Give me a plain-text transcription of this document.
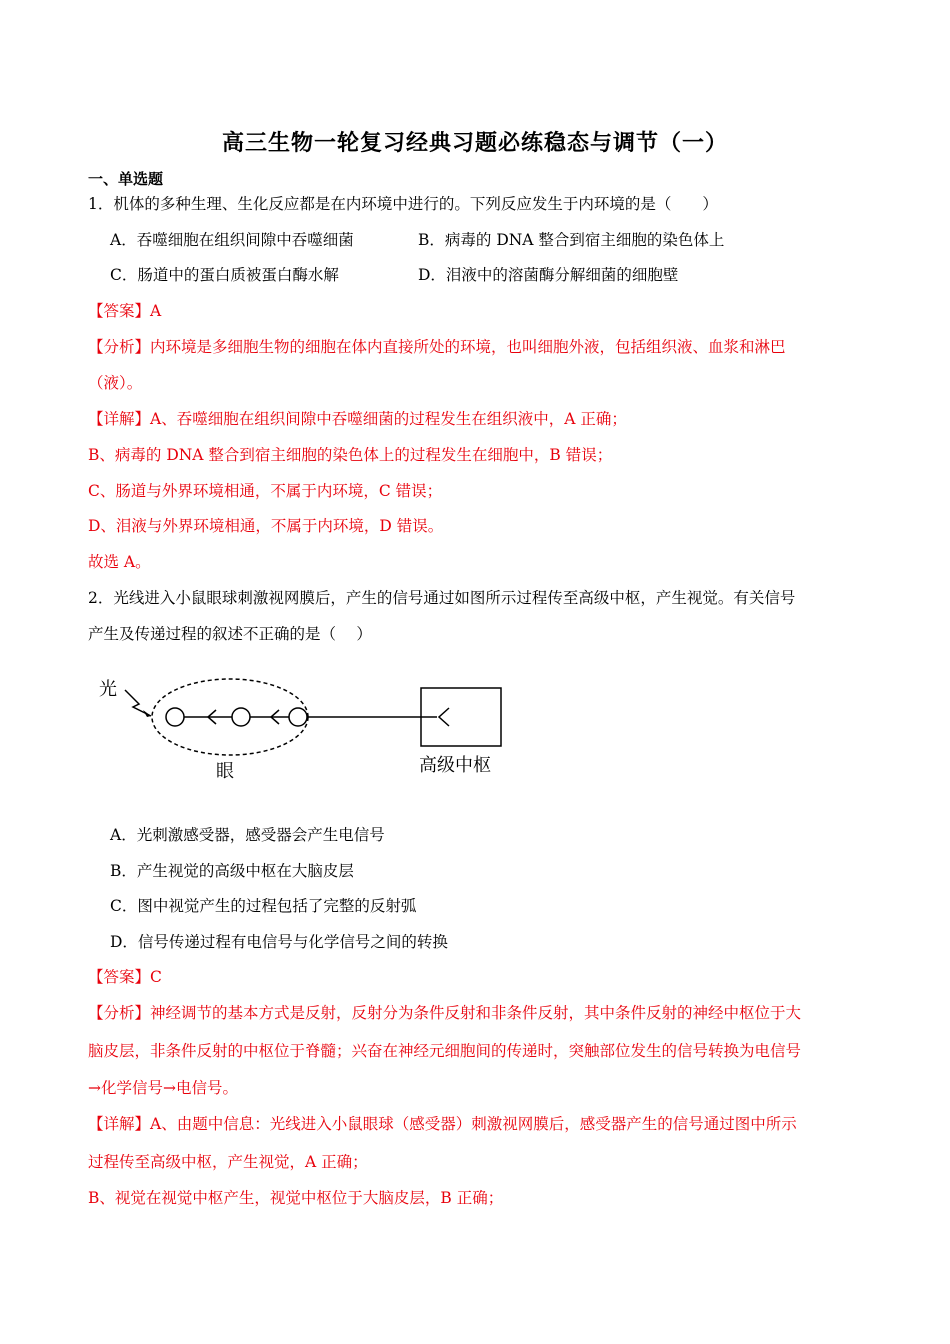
高三生物一轮复习经典习题必练稳态与调节（一）
一、单选题
1．机体的多种生理、生化反应都是在内环境中进行的。下列反应发生于内环境的是（　　）
A．吞噬细胞在组织间隙中吞噬细菌	B．病毒的 DNA 整合到宿主细胞的染色体上
C．肠道中的蛋白质被蛋白酶水解	D．泪液中的溶菌酶分解细菌的细胞壁
【答案】A
【分析】内环境是多细胞生物的细胞在体内直接所处的环境，也叫细胞外液，包括组织液、血浆和淋巴
（液）。
【详解】A、吞噬细胞在组织间隙中吞噬细菌的过程发生在组织液中，A 正确；
B、病毒的 DNA 整合到宿主细胞的染色体上的过程发生在细胞中，B 错误；
C、肠道与外界环境相通，不属于内环境，C 错误；
D、泪液与外界环境相通，不属于内环境，D 错误。
故选 A。
2．光线进入小鼠眼球刺激视网膜后，产生的信号通过如图所示过程传至高级中枢，产生视觉。有关信号
产生及传递过程的叙述不正确的是（　 ）
光
眼	高级中枢
A．光刺激感受器，感受器会产生电信号
B．产生视觉的高级中枢在大脑皮层
C．图中视觉产生的过程包括了完整的反射弧
D．信号传递过程有电信号与化学信号之间的转换
【答案】C
【分析】神经调节的基本方式是反射，反射分为条件反射和非条件反射，其中条件反射的神经中枢位于大
脑皮层，非条件反射的中枢位于脊髓；兴奋在神经元细胞间的传递时，突触部位发生的信号转换为电信号
→化学信号→电信号。
【详解】A、由题中信息：光线进入小鼠眼球（感受器）刺激视网膜后，感受器产生的信号通过图中所示
过程传至高级中枢，产生视觉，A 正确；
B、视觉在视觉中枢产生，视觉中枢位于大脑皮层，B 正确；
